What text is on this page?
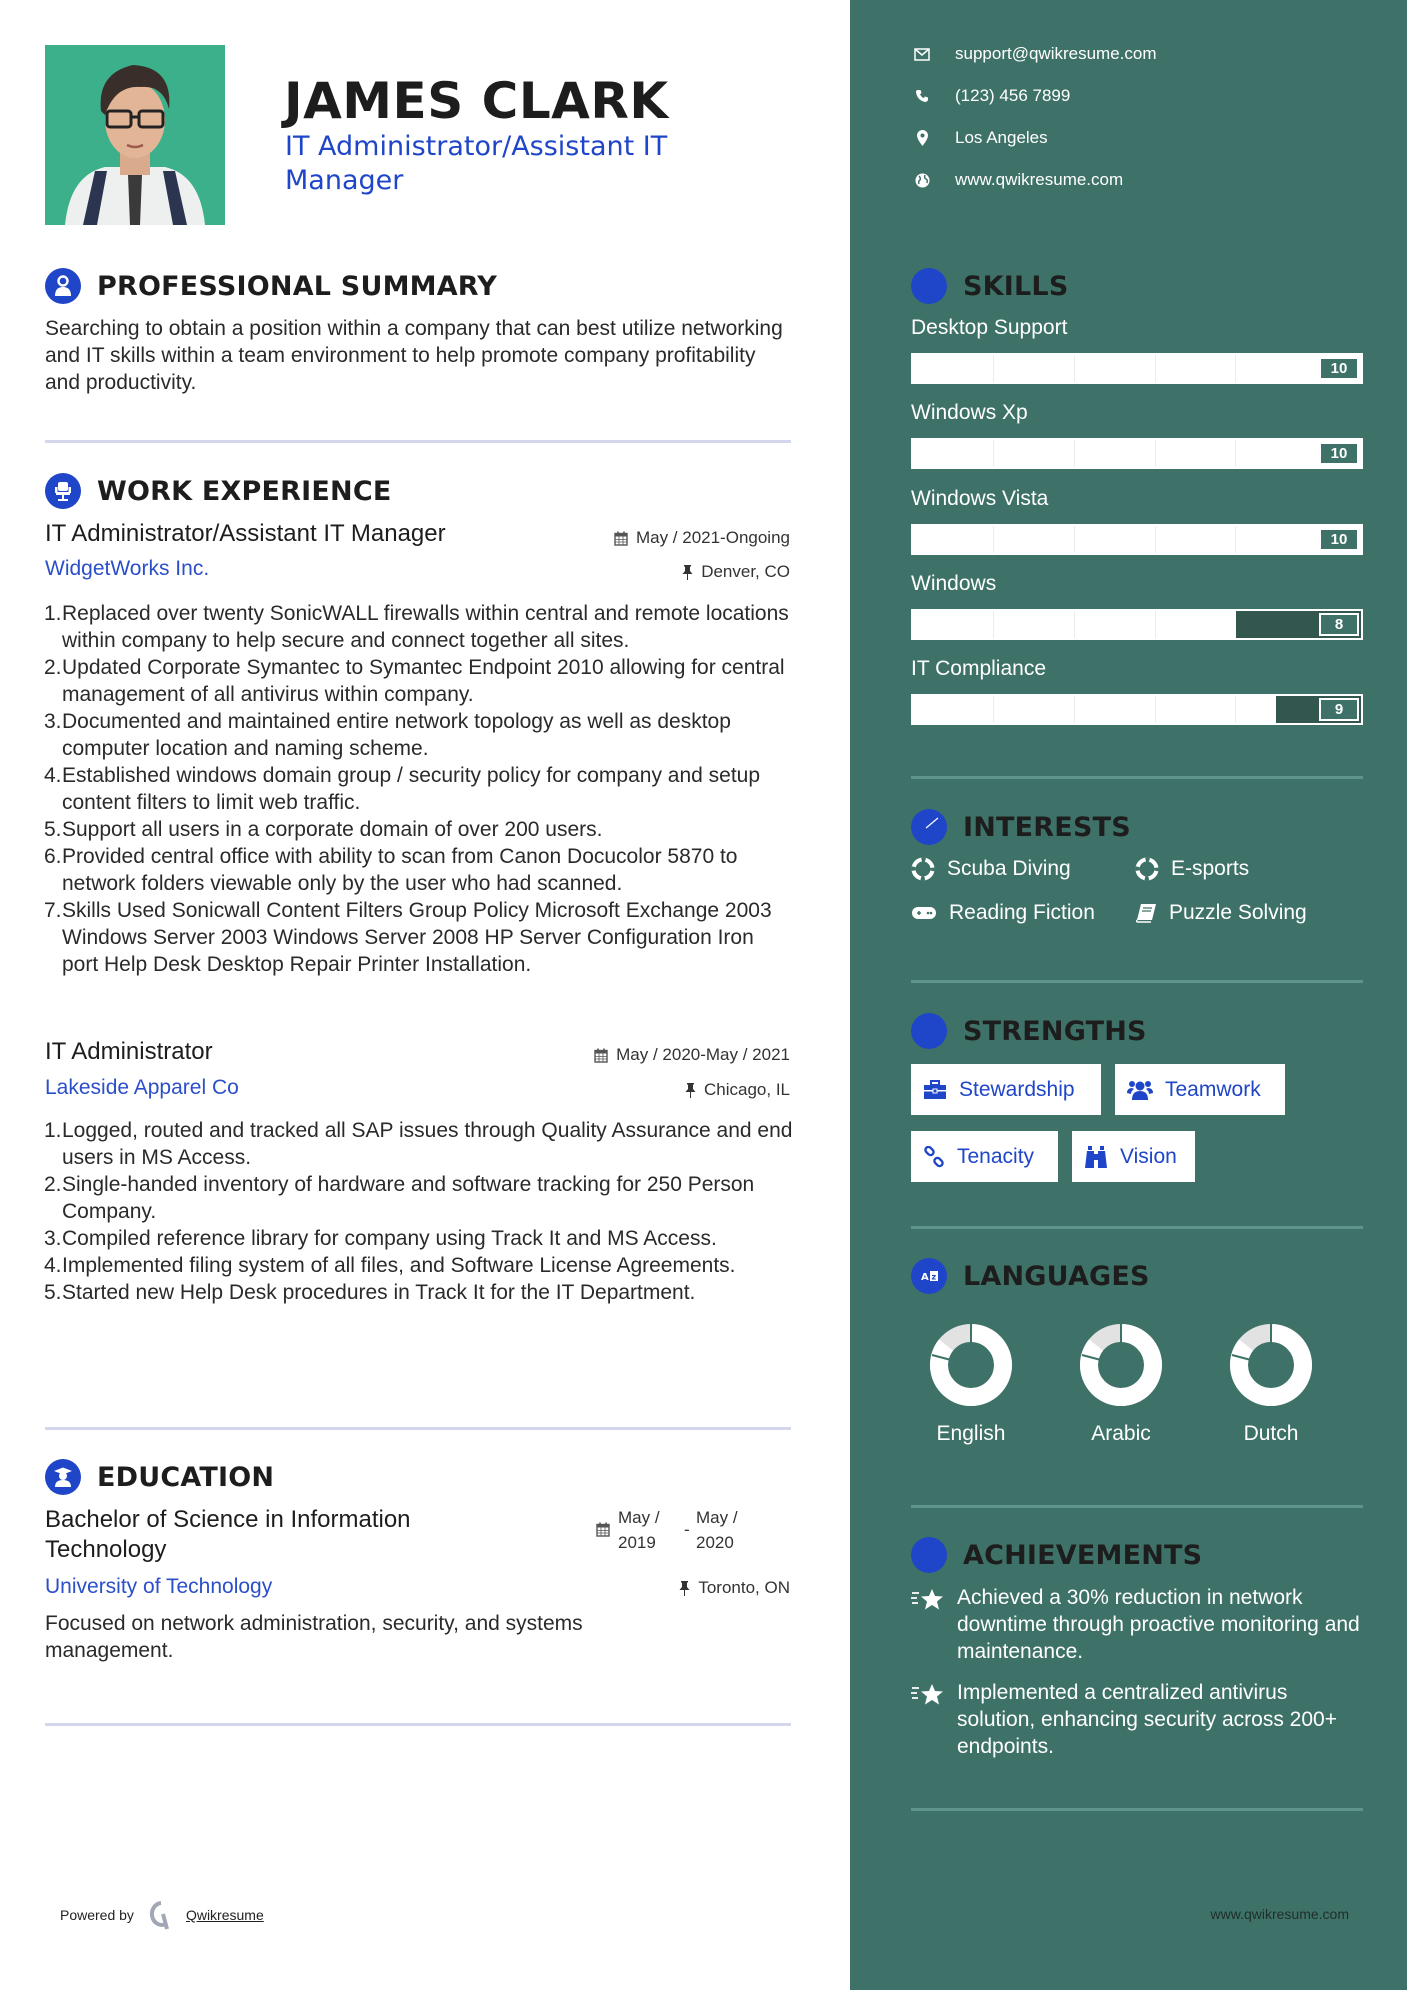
JAMES CLARK
IT Administrator/Assistant IT Manager
PROFESSIONAL SUMMARY
Searching to obtain a position within a company that can best utilize networking and IT skills within a team environment to help promote company profitability and productivity.
WORK EXPERIENCE
IT Administrator/Assistant IT Manager	May / 2021-Ongoing
WidgetWorks Inc.	Denver, CO
1. Replaced over twenty SonicWALL firewalls within central and remote locations within company to help secure and connect together all sites.
2. Updated Corporate Symantec to Symantec Endpoint 2010 allowing for central management of all antivirus within company.
3. Documented and maintained entire network topology as well as desktop computer location and naming scheme.
4. Established windows domain group / security policy for company and setup content filters to limit web traffic.
5. Support all users in a corporate domain of over 200 users.
6. Provided central office with ability to scan from Canon Docucolor 5870 to network folders viewable only by the user who had scanned.
7. Skills Used Sonicwall Content Filters Group Policy Microsoft Exchange 2003 Windows Server 2003 Windows Server 2008 HP Server Configuration Iron port Help Desk Desktop Repair Printer Installation.
IT Administrator	May / 2020-May / 2021
Lakeside Apparel Co	Chicago, IL
1. Logged, routed and tracked all SAP issues through Quality Assurance and end users in MS Access.
2. Single-handed inventory of hardware and software tracking for 250 Person Company.
3. Compiled reference library for company using Track It and MS Access.
4. Implemented filing system of all files, and Software License Agreements.
5. Started new Help Desk procedures in Track It for the IT Department.
EDUCATION
Bachelor of Science in Information Technology
May /
2019
-
May /
2020
University of Technology	Toronto, ON
Focused on network administration, security, and systems management.
Powered by	Qwikresume
support@qwikresume.com
(123) 456 7899
Los Angeles
www.qwikresume.com
SKILLS
Desktop Support
10
Windows Xp
10
Windows Vista
10
Windows
8
IT Compliance
9
INTERESTS
Scuba Diving	E-sports
Reading Fiction	Puzzle Solving
STRENGTHS
Stewardship	Teamwork
Tenacity	Vision
A z LANGUAGES
English	Arabic	Dutch
ACHIEVEMENTS
Achieved a 30% reduction in network downtime through proactive monitoring and maintenance.
Implemented a centralized antivirus solution, enhancing security across 200+ endpoints.
www.qwikresume.com
